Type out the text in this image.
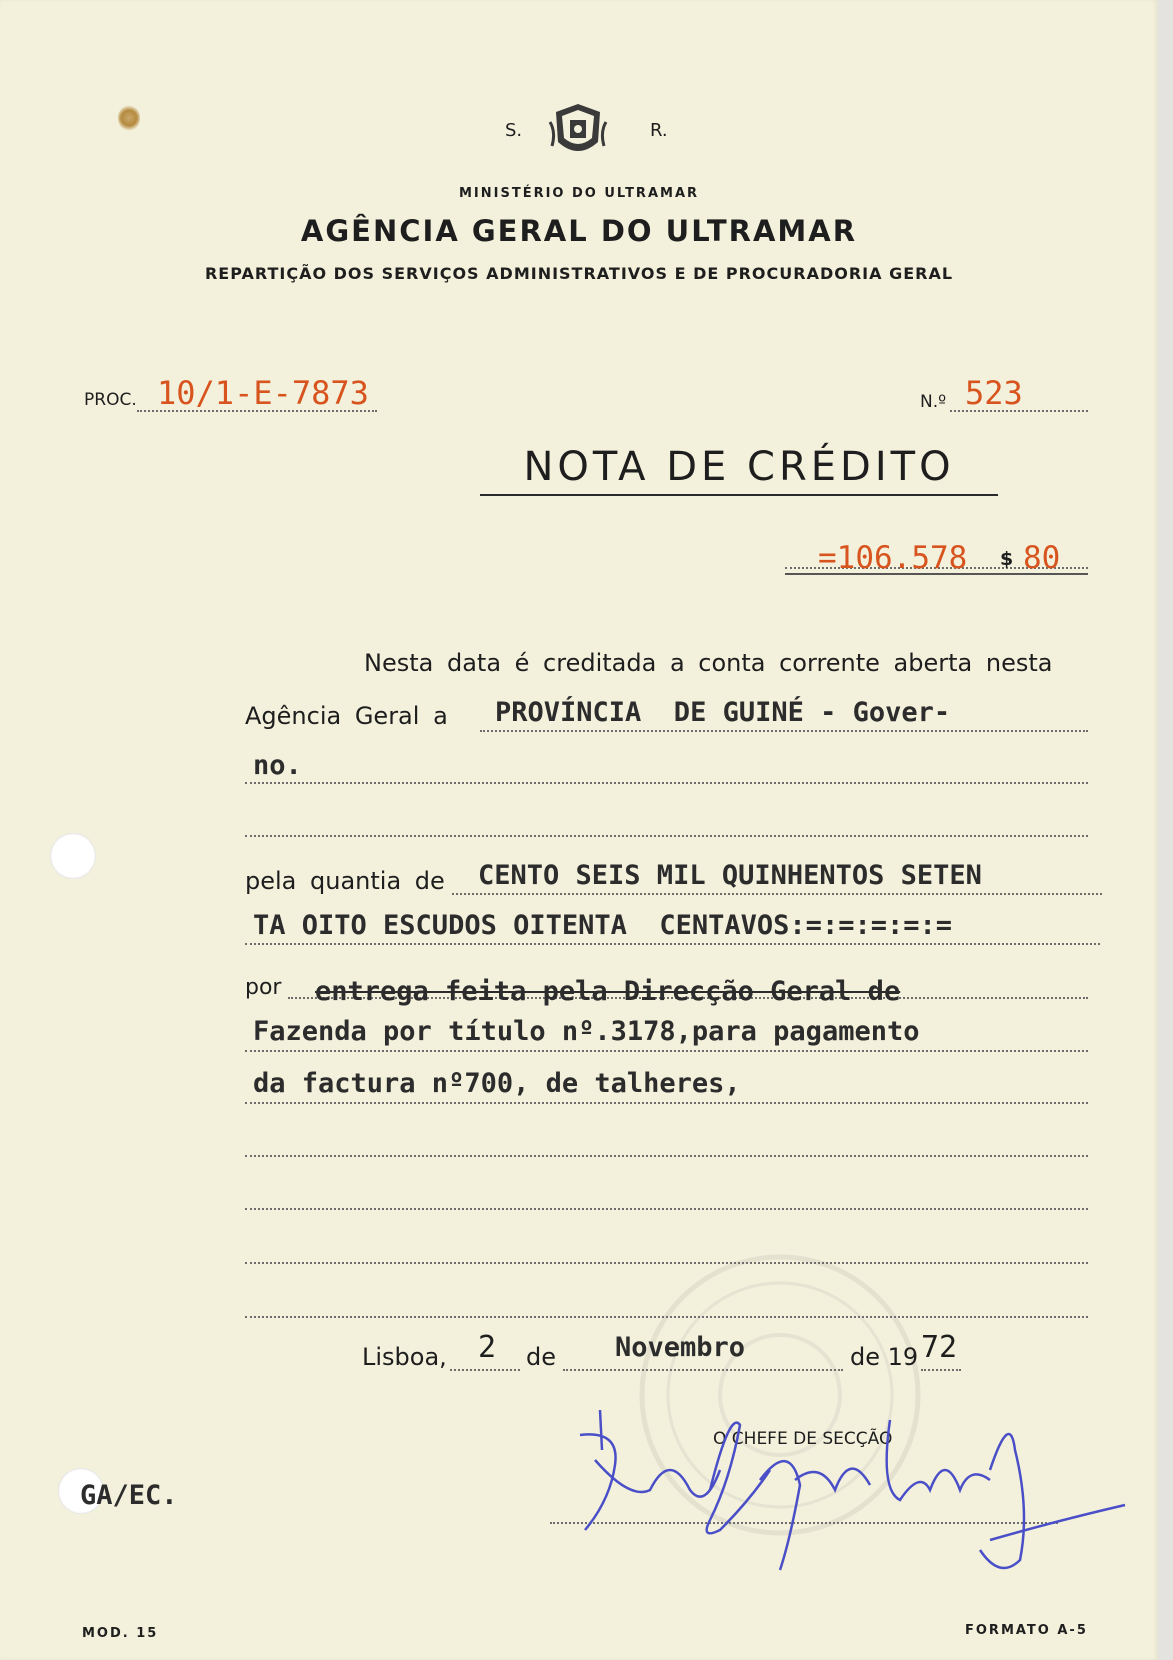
S.	R.
MINISTÉRIO DO ULTRAMAR
AGÊNCIA GERAL DO ULTRAMAR
REPARTIÇÃO DOS SERVIÇOS ADMINISTRATIVOS E DE PROCURADORIA GERAL
PROC. 10/1-E-7873	N.º 523
NOTA DE CRÉDITO
=106.578 $ 80
Nesta data é creditada a conta corrente aberta nesta
Agência Geral a PROVÍNCIA  DE GUINÉ - Gover-
no.
pela quantia de CENTO SEIS MIL QUINHENTOS SETEN
TA OITO ESCUDOS OITENTA  CENTAVOS:=:=:=:=:=
por entrega feita pela Direcção Geral de
Fazenda por título nº.3178,para pagamento
da factura nº700, de talheres,
Lisboa, 2 de Novembro	de 19 72
O CHEFE DE SECÇÃO
GA/EC.
MOD. 15	FORMATO A-5
